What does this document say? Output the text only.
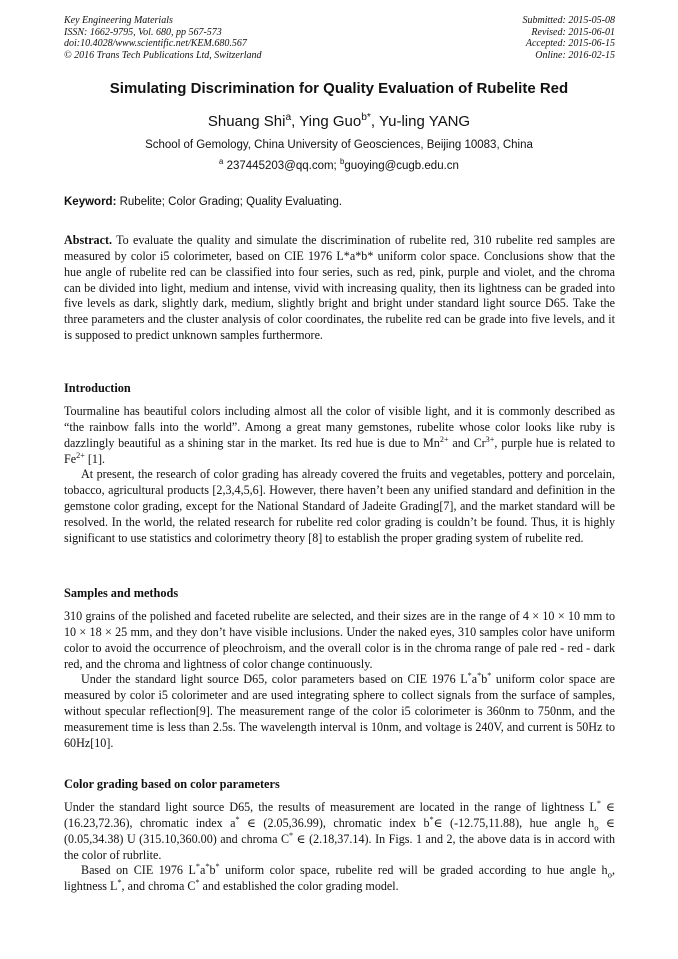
Key Engineering Materials
ISSN: 1662-9795, Vol. 680, pp 567-573
doi:10.4028/www.scientific.net/KEM.680.567
© 2016 Trans Tech Publications Ltd, Switzerland
Submitted: 2015-05-08
Revised: 2015-06-01
Accepted: 2015-06-15
Online: 2016-02-15
Simulating Discrimination for Quality Evaluation of Rubelite Red
Shuang Shi$^a$, Ying Guo$^{b*}$, Yu-ling YANG
School of Gemology, China University of Geosciences, Beijing 10083, China
$^a$ 237445203@qq.com; $^b$guoying@cugb.edu.cn
Keyword: Rubelite; Color Grading; Quality Evaluating.

Abstract. To evaluate the quality and simulate the discrimination of rubelite red, 310 rubelite red samples are measured by color i5 colorimeter, based on CIE 1976 L*a*b* uniform color space. Conclusions show that the hue angle of rubelite red can be classified into four series, such as red, pink, purple and violet, and the chroma can be divided into light, medium and intense, vivid with increasing quality, then its lightness can be graded into five levels as dark, slightly dark, medium, slightly bright and bright under standard light source D65. Take the three parameters and the cluster analysis of color coordinates, the rubelite red can be grade into five levels, and it is supposed to predict unknown samples furthermore.

Introduction

Tourmaline has beautiful colors including almost all the color of visible light, and it is commonly described as “the rainbow falls into the world”. Among a great many gemstones, rubelite whose color looks like ruby is dazzlingly beautiful as a shining star in the market. Its red hue is due to $Mn^{2+}$ and $Cr^{3+}$, purple hue is related to $Fe^{2+}$ [1].

At present, the research of color grading has already covered the fruits and vegetables, pottery and porcelain, tobacco, agricultural products [2,3,4,5,6]. However, there haven’t been any unified standard and definition in the gemstone color grading, except for the National Standard of Jadeite Grading[7], and the market standard will be resolved. In the world, the related research for rubelite red color grading is couldn’t be found. Thus, it is highly significant to use statistics and colorimetry theory [8] to establish the proper grading system of rubelite red.

Samples and methods

310 grains of the polished and faceted rubelite are selected, and their sizes are in the range of 4 × 10 × 10 mm to 10 × 18 × 25 mm, and they don’t have visible inclusions. Under the naked eyes, 310 samples color have uniform color to avoid the occurrence of pleochroism, and the overall color is in the chroma range of pale red - red - dark red, and the chroma and lightness of color change continuously.

Under the standard light source D65, color parameters based on CIE 1976 L*a*b* uniform color space are measured by color i5 colorimeter and are used integrating sphere to collect signals from the surface of samples, without specular reflection[9]. The measurement range of the color i5 colorimeter is 360nm to 750nm, and the measurement time is less than 2.5s. The wavelength interval is 10nm, and voltage is 240V, and current is 50Hz to 60Hz[10].

Color grading based on color parameters

Under the standard light source D65, the results of measurement are located in the range of lightness L* ∈ (16.23,72.36), chromatic index a* ∈ (2.05,36.99), chromatic index b*∈ (-12.75,11.88), hue angle $h_o$ ∈ (0.05,34.38) U (315.10,360.00) and chroma C* ∈ (2.18,37.14). In Figs. 1 and 2, the above data is in accord with the color of rubrlite.

Based on CIE 1976 L*a*b* uniform color space, rubelite red will be graded according to hue angle $h_o$, lightness L*, and chroma C* and established the color grading model.
